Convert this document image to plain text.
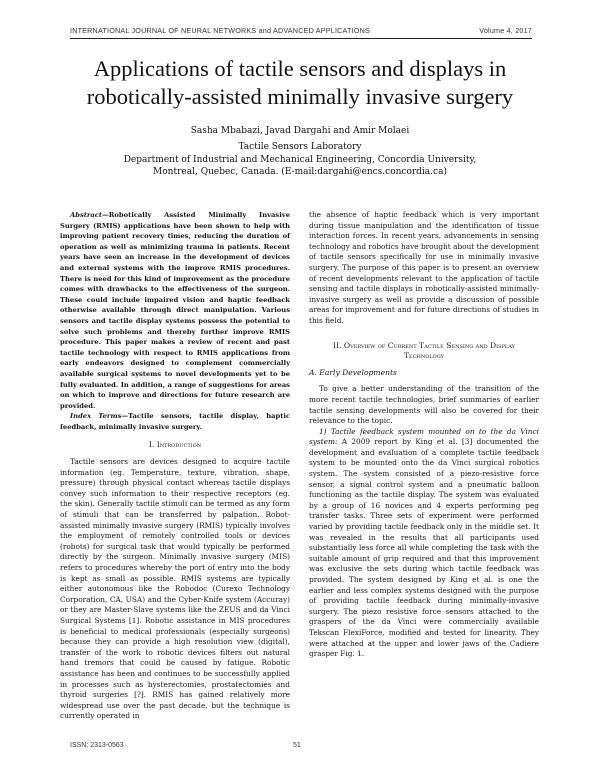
INTERNATIONAL JOURNAL OF NEURAL NETWORKS and ADVANCED APPLICATIONS	Volume 4, 2017
Applications of tactile sensors and displays in
robotically-assisted minimally invasive surgery
Sasha Mbabazi, Javad Dargahi and Amir Molaei
Tactile Sensors Laboratory
Department of Industrial and Mechanical Engineering, Concordia University,
Montreal, Quebec, Canada. (E-mail:dargahi@encs.concordia.ca)

Abstract—Robotically Assisted Minimally Invasive Surgery (RMIS) applications have been shown to help with improving patient recovery times, reducing the duration of operation as well as minimizing trauma in patients. Recent years have seen an increase in the development of devices and external systems with the improve RMIS procedures. There is need for this kind of improvement as the procedure comes with drawbacks to the effectiveness of the surgeon. These could include impaired vision and haptic feedback otherwise available through direct manipulation. Various sensors and tactile display systems possess the potential to solve such problems and thereby further improve RMIS procedure. This paper makes a review of recent and past tactile technology with respect to RMIS applications from early endeavors designed to complement commercially available surgical systems to novel developments yet to be fully evaluated. In addition, a range of suggestions for areas on which to improve and directions for future research are provided.

Index Terms—Tactile sensors, tactile display, haptic feedback, minimally invasive surgery.

I. Introduction

Tactile sensors are devices designed to acquire tactile information (eg. Temperature, texture, vibration, shape, pressure) through physical contact whereas tactile displays convey such information to their respective receptors (eg. the skin). Generally tactile stimuli can be termed as any form of stimuli that can be transferred by palpation. Robot-assisted minimally invasive surgery (RMIS) typically involves the employment of remotely controlled tools or devices (robots) for surgical task that would typically be performed directly by the surgeon. Minimally invasive surgery (MIS) refers to procedures whereby the port of entry into the body is kept as small as possible. RMIS systems are typically either autonomous like the Robodoc (Curexo Technology Corporation, CA, USA) and the Cyber-Knife system (Accuray) or they are Master-Slave systems like the ZEUS and da Vinci Surgical Systems [1]. Robotic assistance in MIS procedures is beneficial to medical professionals (especially surgeons) because they can provide a high resolution view (digital), transfer of the work to robotic devices filters out natural hand tremors that could be caused by fatigue. Robotic assistance has been and continues to be successfully applied in processes such as hysterectomies, prostatectomies and thyroid surgeries [?]. RMIS has gained relatively more widespread use over the past decade, but the technique is currently operated in

the absence of haptic feedback which is very important during tissue manipulation and the identification of tissue interaction forces. In recent years, advancements in sensing technology and robotics have brought about the development of tactile sensors specifically for use in minimally invasive surgery. The purpose of this paper is to present an overview of recent developments relevant to the application of tactile sensing and tactile displays in robotically-assisted minimally-invasive surgery as well as provide a discussion of possible areas for improvement and for future directions of studies in this field.

II. Overview of Current Tactile Sensing and Display
Technology
A. Early Developments

To give a better understanding of the transition of the more recent tactile technologies, brief summaries of earlier tactile sensing developments will also be covered for their relevance to the topic.

1) Tactile feedback system mounted on to the da Vinci system: A 2009 report by King et al. [3] documented the development and evaluation of a complete tactile feedback system to be mounted onto the da Vinci surgical robotics system. The system consisted of a piezo-resistive force sensor, a signal control system and a pneumatic balloon functioning as the tactile display. The system was evaluated by a group of 16 novices and 4 experts performing peg transfer tasks. Three sets of experiment were performed varied by providing tactile feedback only in the middle set. It was revealed in the results that all participants used substantially less force all while completing the task with the suitable amount of grip required and that this improvement was exclusive the sets during which tactile feedback was provided. The system designed by King et al. is one the earlier and less complex systems designed with the purpose of providing tactile feedback during minimally-invasive surgery. The piezo resistive force sensors attached to the graspers of the da Vinci were commercially available Tekscan FlexiForce, modified and tested for linearity. They were attached at the upper and lower jaws of the Cadiere grasper Fig. 1.

ISSN: 2313-0563	51
